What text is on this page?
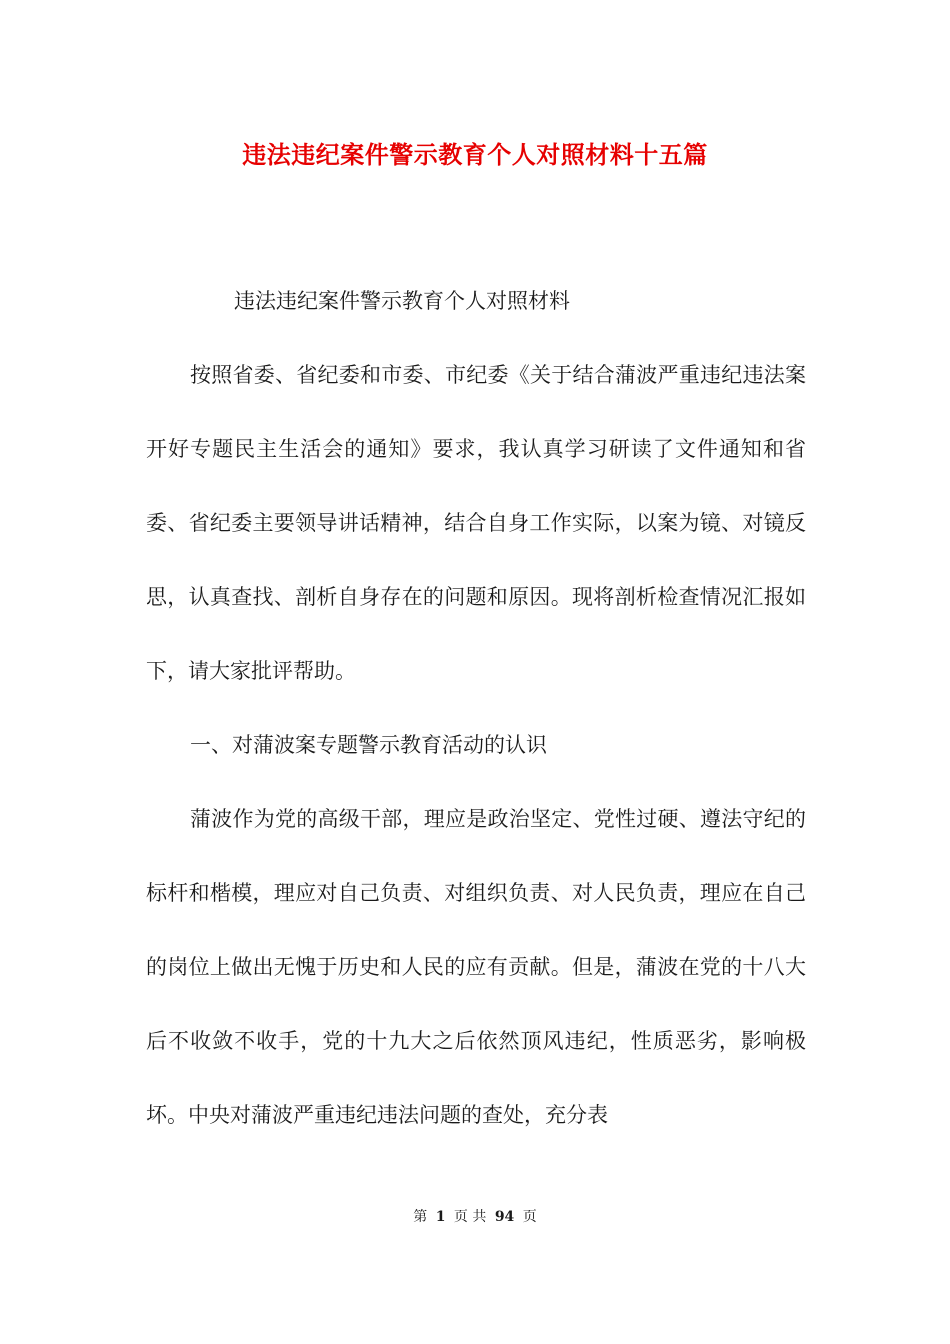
违法违纪案件警示教育个人对照材料十五篇

违法违纪案件警示教育个人对照材料

按照省委、省纪委和市委、市纪委《关于结合蒲波严重违纪违法案开好专题民主生活会的通知》要求，我认真学习研读了文件通知和省委、省纪委主要领导讲话精神，结合自身工作实际，以案为镜、对镜反思，认真查找、剖析自身存在的问题和原因。现将剖析检查情况汇报如下，请大家批评帮助。

一、对蒲波案专题警示教育活动的认识

蒲波作为党的高级干部，理应是政治坚定、党性过硬、遵法守纪的标杆和楷模，理应对自己负责、对组织负责、对人民负责，理应在自己的岗位上做出无愧于历史和人民的应有贡献。但是，蒲波在党的十八大后不收敛不收手，党的十九大之后依然顶风违纪，性质恶劣，影响极坏。中央对蒲波严重违纪违法问题的查处，充分表

第 1 页 共 94 页
